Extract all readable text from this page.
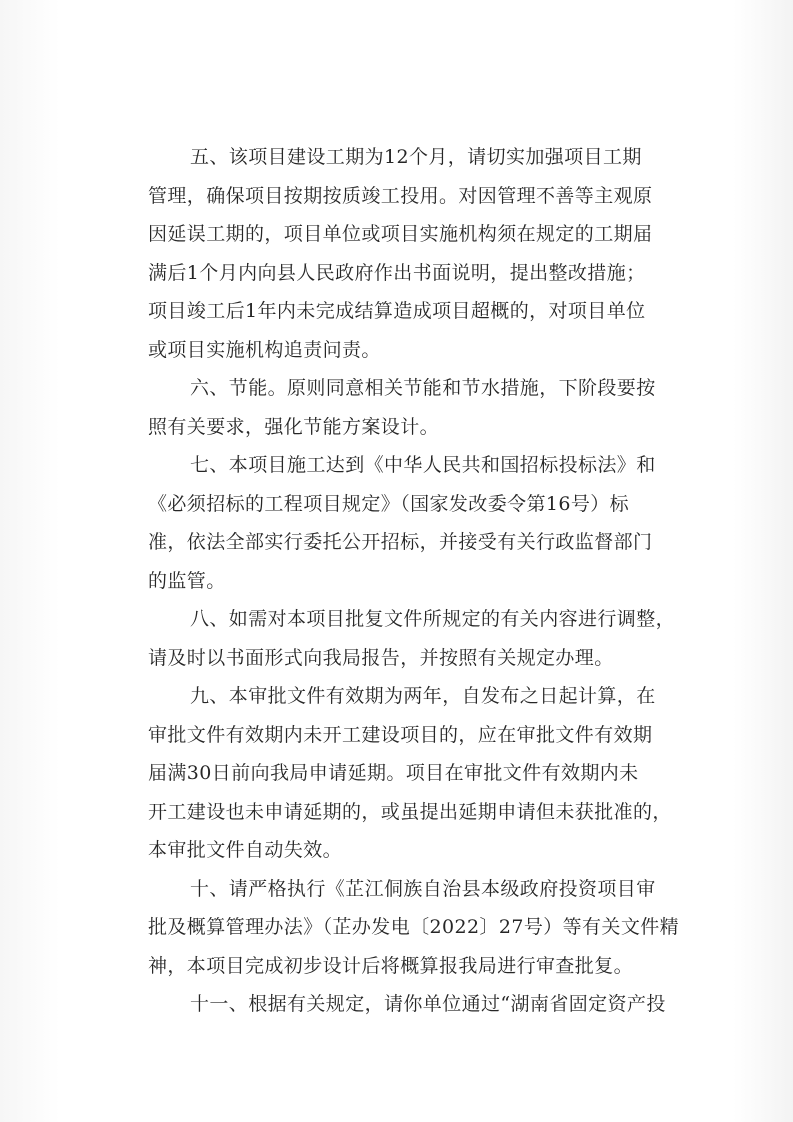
五、该项目建设工期为12个月，请切实加强项目工期
管理，确保项目按期按质竣工投用。对因管理不善等主观原
因延误工期的，项目单位或项目实施机构须在规定的工期届
满后1个月内向县人民政府作出书面说明，提出整改措施；
项目竣工后1年内未完成结算造成项目超概的，对项目单位
或项目实施机构追责问责。

六、节能。原则同意相关节能和节水措施，下阶段要按
照有关要求，强化节能方案设计。

七、本项目施工达到《中华人民共和国招标投标法》和
《必须招标的工程项目规定》（国家发改委令第16号）标
准，依法全部实行委托公开招标，并接受有关行政监督部门
的监管。

八、如需对本项目批复文件所规定的有关内容进行调整，
请及时以书面形式向我局报告，并按照有关规定办理。

九、本审批文件有效期为两年，自发布之日起计算，在
审批文件有效期内未开工建设项目的，应在审批文件有效期
届满30日前向我局申请延期。项目在审批文件有效期内未
开工建设也未申请延期的，或虽提出延期申请但未获批准的，
本审批文件自动失效。

十、请严格执行《芷江侗族自治县本级政府投资项目审
批及概算管理办法》（芷办发电〔2022〕27号）等有关文件精
神，本项目完成初步设计后将概算报我局进行审查批复。

十一、根据有关规定，请你单位通过“湖南省固定资产投
